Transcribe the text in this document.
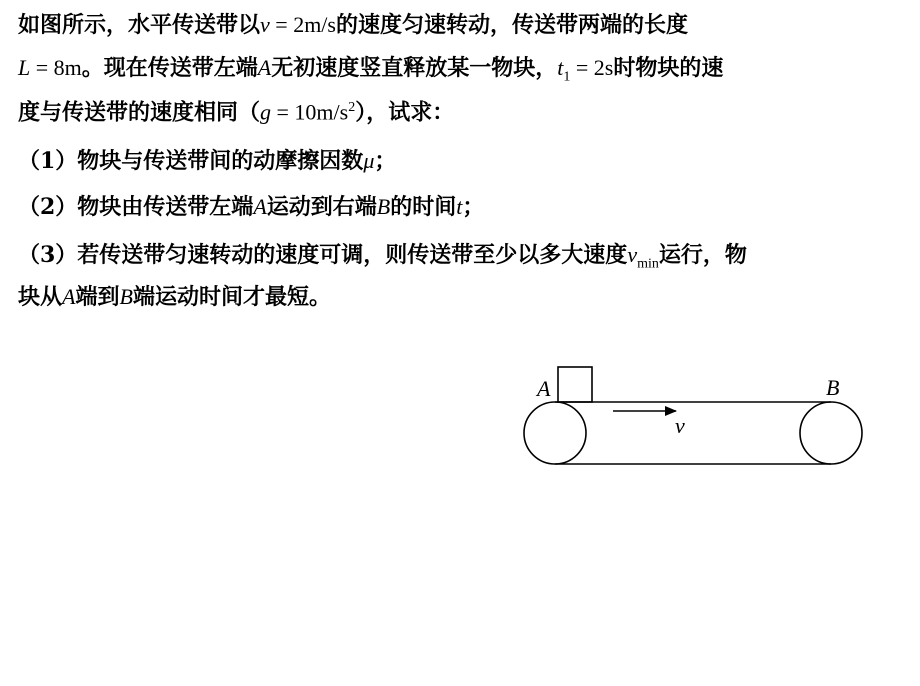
如图所示，水平传送带以v = 2m/s的速度匀速转动，传送带两端的长度
L = 8m。现在传送带左端A无初速度竖直释放某一物块，$t_1 = 2s$时物块的速
度与传送带的速度相同$(g = 10m/s^2)$，试求：
（1）物块与传送带间的动摩擦因数μ；
（2）物块由传送带左端A运动到右端B的时间t；
（3）若传送带匀速转动的速度可调，则传送带至少以多大速度$v_{min}$运行，物
块从A端到B端运动时间才最短。
A	B
v
